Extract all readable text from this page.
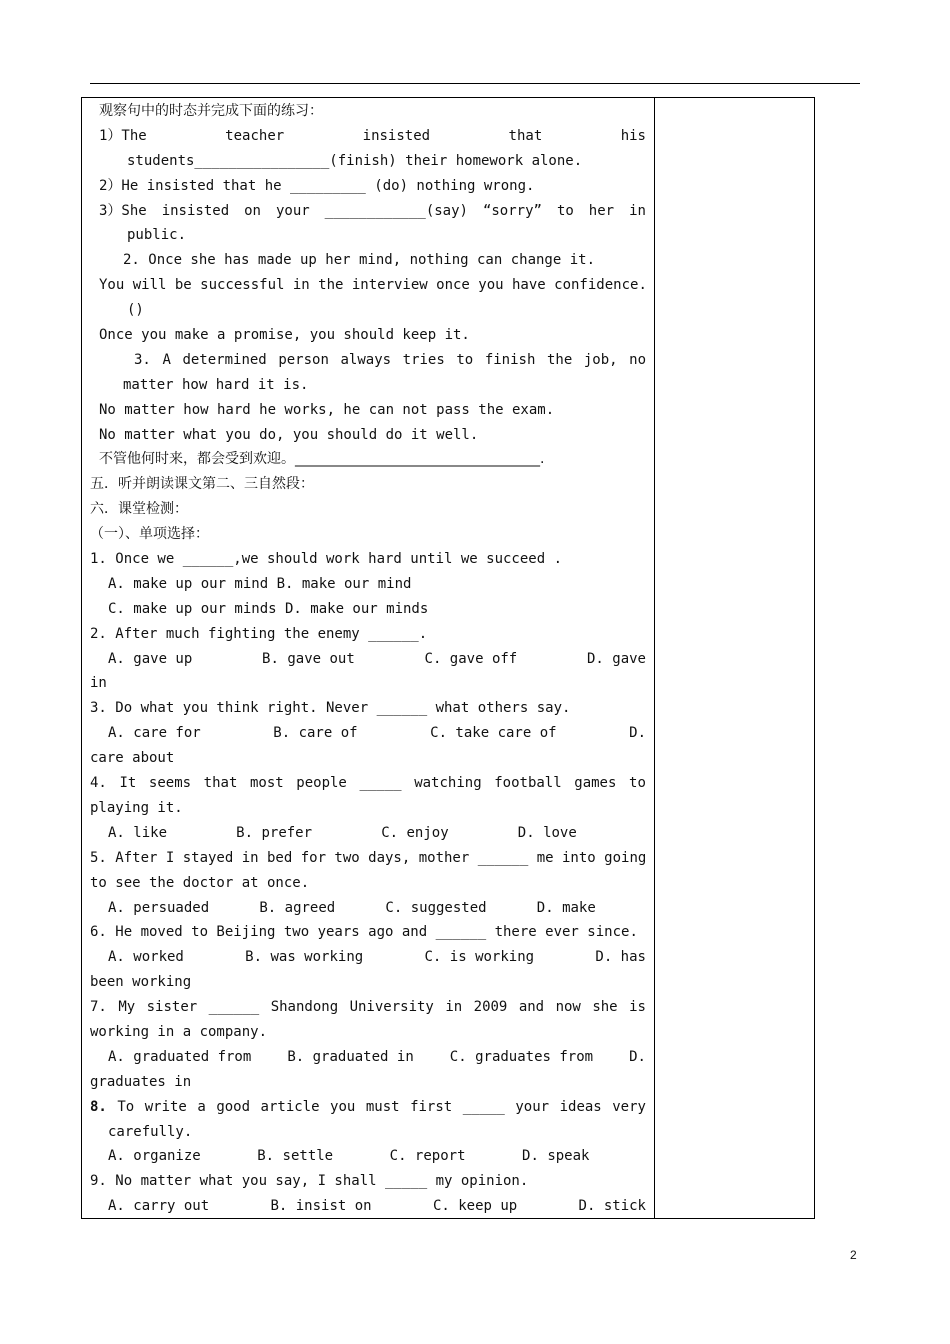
观察句中的时态并完成下面的练习：
1）The	teacher	insisted	that	his
students________________(finish) their homework alone.
2）He insisted that he _________ (do) nothing wrong.
3）She insisted on your ____________(say) “sorry” to her in
public.
2. Once she has made up her mind, nothing can change it.
You will be successful in the interview once you have confidence.
()
Once you make a promise, you should keep it.
3. A determined person always tries to finish the job, no
matter how hard it is.
No matter how hard he works, he can not pass the exam.
No matter what you do, you should do it well.
不管他何时来，都会受到欢迎。___________________________________.
五．听并朗读课文第二、三自然段：
六．课堂检测：
（一）、单项选择：
1. Once we ______,we should work hard until we succeed .
A. make up our mind B. make our mind
C. make up our minds D. make our minds
2. After much fighting the enemy ______.
A. gave up	B. gave out	C. gave off	D. gave
in
3. Do what you think right. Never ______ what others say.
A. care for	B. care of	C. take care of	D.
care about
4. It seems that most people _____ watching football games to
playing it.
A. like	B. prefer	C. enjoy	D. love
5. After I stayed in bed for two days, mother ______ me into going
to see the doctor at once.
A. persuaded	B. agreed	C. suggested	D. make
6. He moved to Beijing two years ago and ______ there ever since.
A. worked	B. was working	C. is working	D. has
been working
7. My sister ______ Shandong University in 2009 and now she is
working in a company.
A. graduated from	B. graduated in	C. graduates from	D.
graduates in
8. To write a good article you must first _____ your ideas very
carefully.
A. organize	B. settle	C. report	D. speak
9. No matter what you say, I shall _____ my opinion.
A. carry out	B. insist on	C. keep up	D. stick
2
